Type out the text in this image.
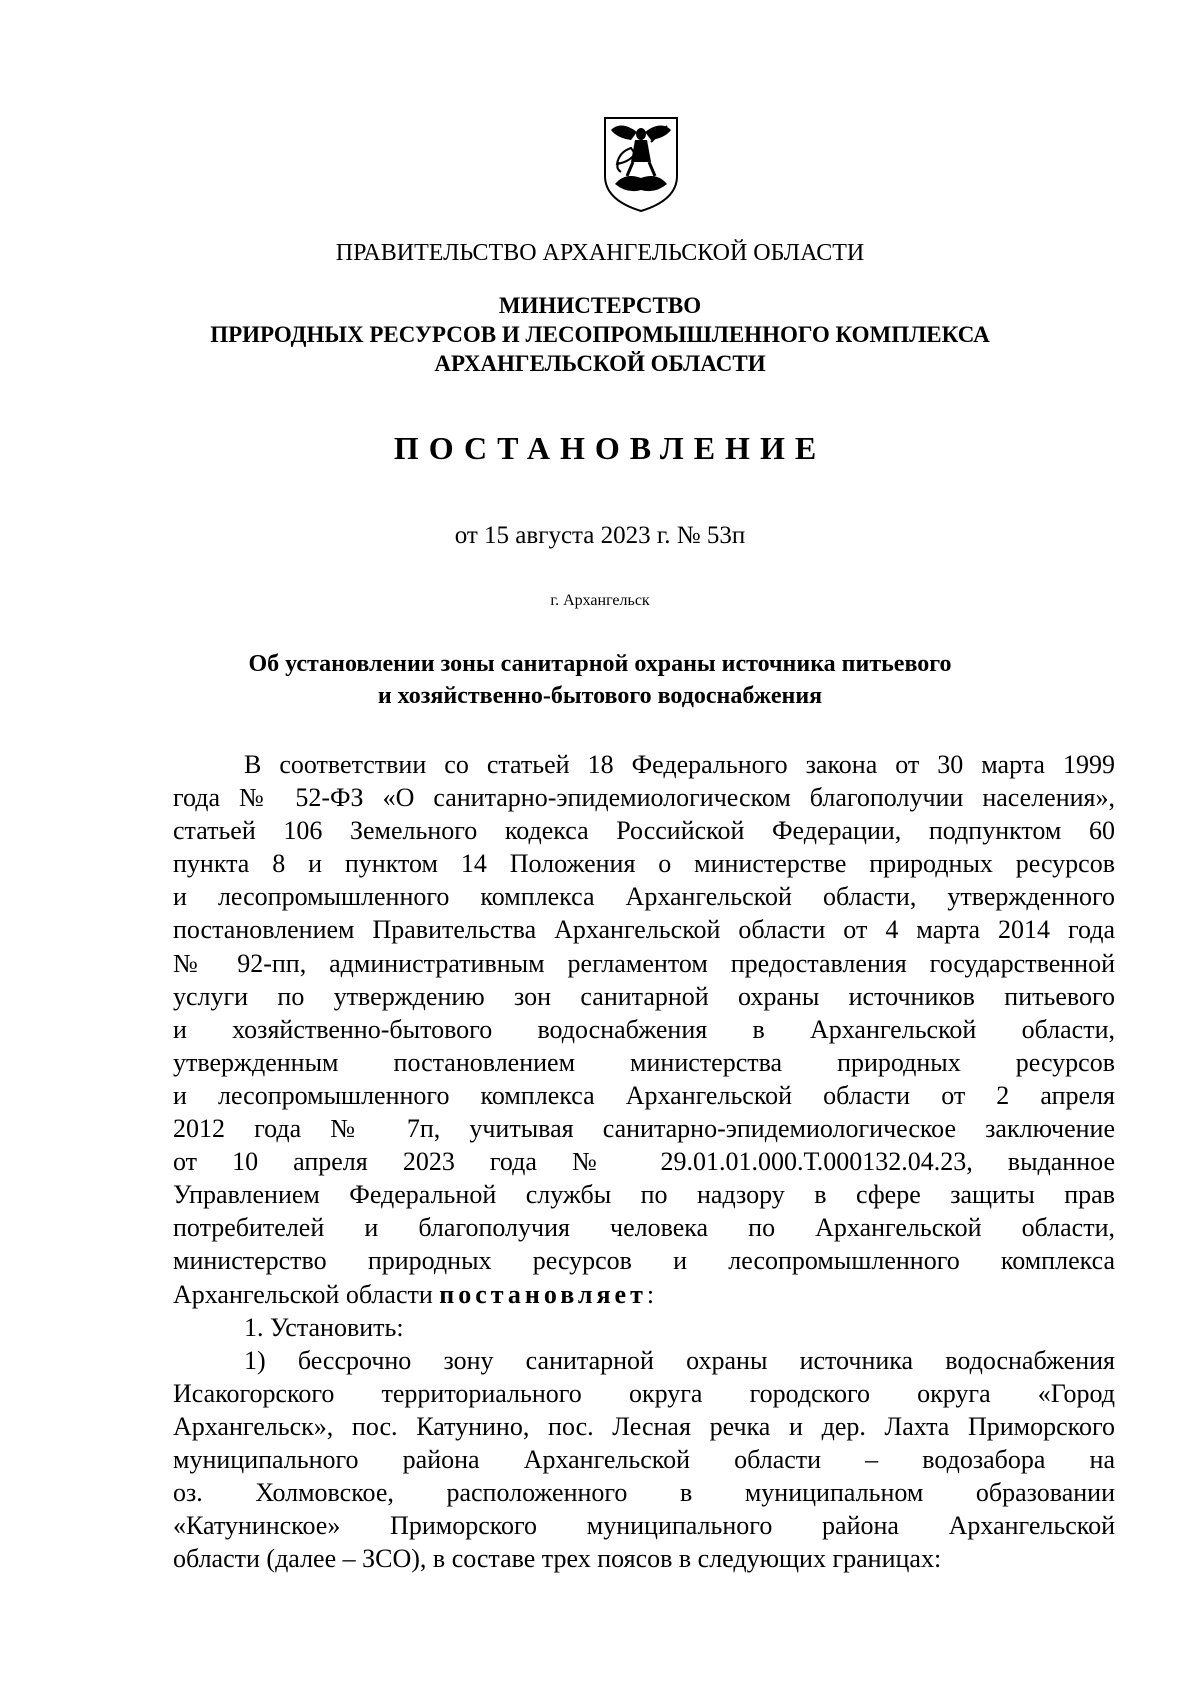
ПРАВИТЕЛЬСТВО АРХАНГЕЛЬСКОЙ ОБЛАСТИ
МИНИСТЕРСТВО
ПРИРОДНЫХ РЕСУРСОВ И ЛЕСОПРОМЫШЛЕННОГО КОМПЛЕКСА
АРХАНГЕЛЬСКОЙ ОБЛАСТИ
ПОСТАНОВЛЕНИЕ
от 15 августа 2023 г. № 53п
г. Архангельск
Об установлении зоны санитарной охраны источника питьевого
и хозяйственно-бытового водоснабжения
В соответствии со статьей 18 Федерального закона от 30 марта 1999
года № 52-ФЗ «О санитарно-эпидемиологическом благополучии населения»,
статьей 106 Земельного кодекса Российской Федерации, подпунктом 60
пункта 8 и пунктом 14 Положения о министерстве природных ресурсов
и лесопромышленного комплекса Архангельской области, утвержденного
постановлением Правительства Архангельской области от 4 марта 2014 года
№ 92-пп, административным регламентом предоставления государственной
услуги по утверждению зон санитарной охраны источников питьевого
и хозяйственно-бытового водоснабжения в Архангельской области,
утвержденным постановлением министерства природных ресурсов
и лесопромышленного комплекса Архангельской области от 2 апреля
2012 года № 7п, учитывая санитарно-эпидемиологическое заключение
от 10 апреля 2023 года № 29.01.01.000.Т.000132.04.23, выданное
Управлением Федеральной службы по надзору в сфере защиты прав
потребителей и благополучия человека по Архангельской области,
министерство природных ресурсов и лесопромышленного комплекса
Архангельской области постановляет:
1. Установить:
1) бессрочно зону санитарной охраны источника водоснабжения
Исакогорского территориального округа городского округа «Город
Архангельск», пос. Катунино, пос. Лесная речка и дер. Лахта Приморского
муниципального района Архангельской области – водозабора на
оз. Холмовское, расположенного в муниципальном образовании
«Катунинское» Приморского муниципального района Архангельской
области (далее – ЗСО), в составе трех поясов в следующих границах:
